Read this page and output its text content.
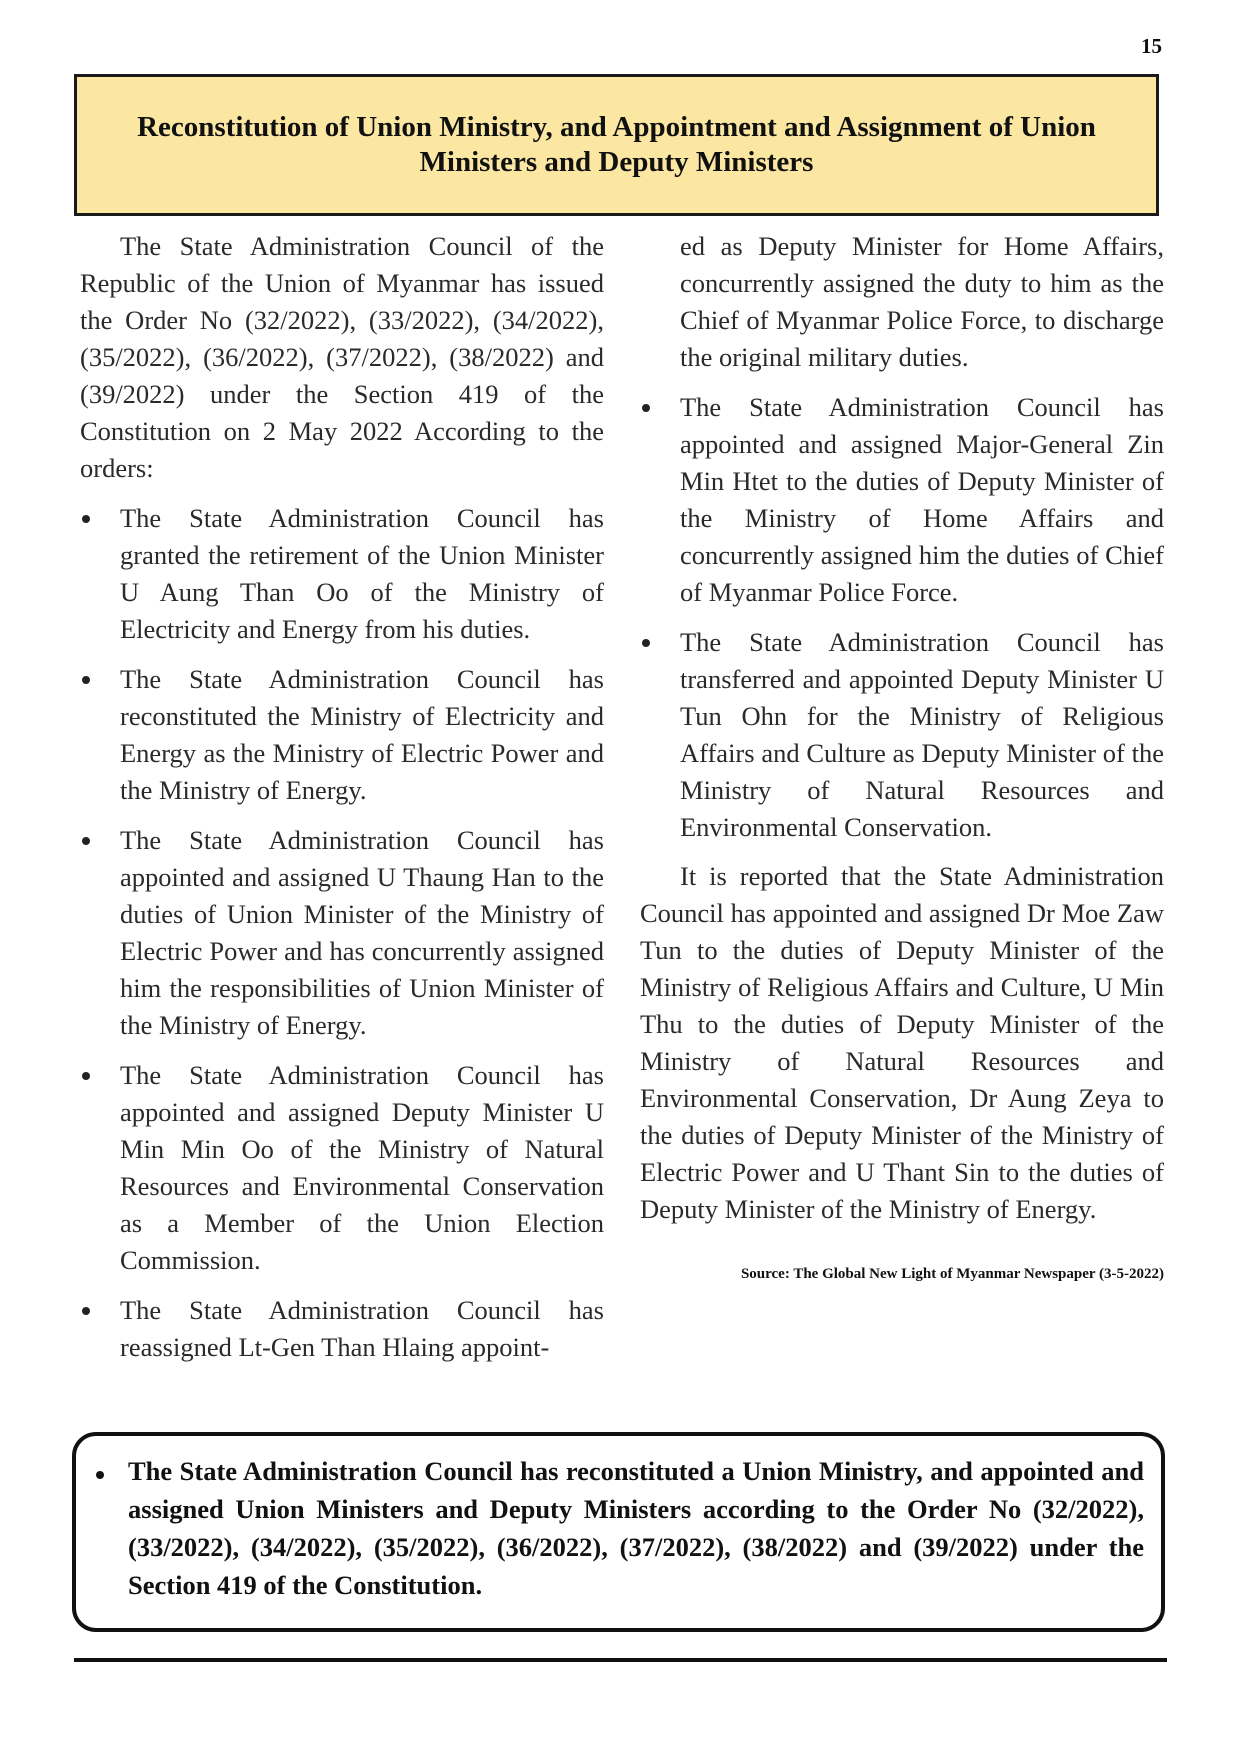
15
Reconstitution of Union Ministry, and Appointment and Assignment of Union Ministers and Deputy Ministers

The State Administration Council of the Republic of the Union of Myanmar has issued the Order No (32/2022), (33/2022), (34/2022), (35/2022), (36/2022), (37/2022), (38/2022) and (39/2022) under the Section 419 of the Constitution on 2 May 2022 According to the orders:

The State Administration Council has granted the retirement of the Union Minister U Aung Than Oo of the Ministry of Electricity and Energy from his duties.
The State Administration Council has reconstituted the Ministry of Electricity and Energy as the Ministry of Electric Power and the Ministry of Energy.
The State Administration Council has appointed and assigned U Thaung Han to the duties of Union Minister of the Ministry of Electric Power and has concurrently assigned him the responsibilities of Union Minister of the Ministry of Energy.
The State Administration Council has appointed and assigned Deputy Minister U Min Min Oo of the Ministry of Natural Resources and Environmental Conservation as a Member of the Union Election Commission.
The State Administration Council has reassigned Lt-Gen Than Hlaing appoint-

ed as Deputy Minister for Home Affairs, concurrently assigned the duty to him as the Chief of Myanmar Police Force, to discharge the original military duties.

The State Administration Council has appointed and assigned Major-General Zin Min Htet to the duties of Deputy Minister of the Ministry of Home Affairs and concurrently assigned him the duties of Chief of Myanmar Police Force.
The State Administration Council has transferred and appointed Deputy Minister U Tun Ohn for the Ministry of Religious Affairs and Culture as Deputy Minister of the Ministry of Natural Resources and Environmental Conservation.

It is reported that the State Administration Council has appointed and assigned Dr Moe Zaw Tun to the duties of Deputy Minister of the Ministry of Religious Affairs and Culture, U Min Thu to the duties of Deputy Minister of the Ministry of Natural Resources and Environmental Conservation, Dr Aung Zeya to the duties of Deputy Minister of the Ministry of Electric Power and U Thant Sin to the duties of Deputy Minister of the Ministry of Energy.

Source: The Global New Light of Myanmar Newspaper (3-5-2022)
The State Administration Council has reconstituted a Union Ministry, and appointed and assigned Union Ministers and Deputy Ministers according to the Order No (32/2022), (33/2022), (34/2022), (35/2022), (36/2022), (37/2022), (38/2022) and (39/2022) under the Section 419 of the Constitution.
